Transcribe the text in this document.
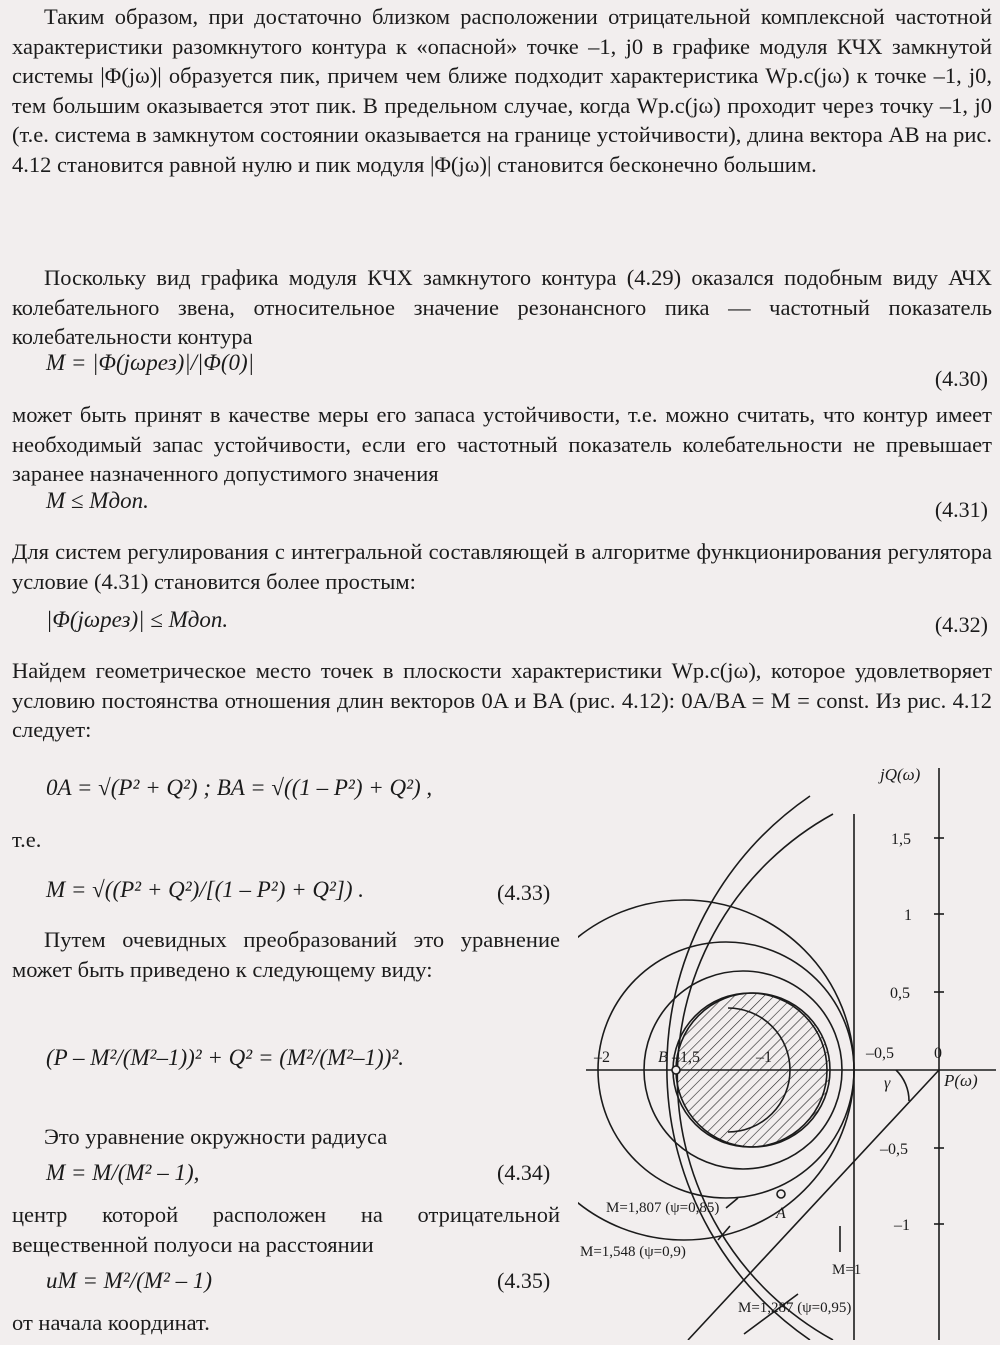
Таким образом, при достаточно близком расположении отрицательной комплексной частотной характеристики разомкнутого контура к «опасной» точке –1, j0 в графике модуля КЧХ замкнутой системы |Φ(jω)| образуется пик, причем чем ближе подходит характеристика Wр.с(jω) к точке –1, j0, тем большим оказывается этот пик. В предельном случае, когда Wр.с(jω) проходит через точку –1, j0 (т.е. система в замкнутом состоянии оказывается на границе устойчивости), длина вектора AB на рис. 4.12 становится равной нулю и пик модуля |Φ(jω)| становится бесконечно большим.

Поскольку вид графика модуля КЧХ замкнутого контура (4.29) оказался подобным виду АЧХ колебательного звена, относительное значение резонансного пика — частотный показатель колебательности контура

M = |Φ(jωрез)|/|Φ(0)|
(4.30)

может быть принят в качестве меры его запаса устойчивости, т.е. можно считать, что контур имеет необходимый запас устойчивости, если его частотный показатель колебательности не превышает заранее назначенного допустимого значения

M ≤ Mдоп.	(4.31)

Для систем регулирования с интегральной составляющей в алгоритме функционирования регулятора условие (4.31) становится более простым:

|Φ(jωрез)| ≤ Mдоп.	(4.32)

Найдем геометрическое место точек в плоскости характеристики Wр.с(jω), которое удовлетворяет условию постоянства отношения длин векторов 0A и BA (рис. 4.12): 0A/BA = M = const. Из рис. 4.12 следует:

0A = √(P² + Q²) ; BA = √((1 – P²) + Q²) ,

т.е.

M = √((P² + Q²)/[(1 – P²) + Q²]) .	(4.33)

Путем очевидных преобразований это уравнение может быть приведено к следующему виду:

(P – M²/(M²–1))² + Q² = (M²/(M²–1))².

Это уравнение окружности радиуса

M = M/(M² – 1),	(4.34)

центр которой расположен на отрицательной вещественной полуоси на расстоянии

uM = M²/(M² – 1)	(4.35)

от начала координат.

jQ(ω)
P(ω)
1,5
1
0,5
–0,5
–1
–2	–1,5	–1	–0,5	0
B
A
γ
M=1,807 (ψ=0,85)
M=1,548 (ψ=0,9)
M=1,287 (ψ=0,95)
M=1
